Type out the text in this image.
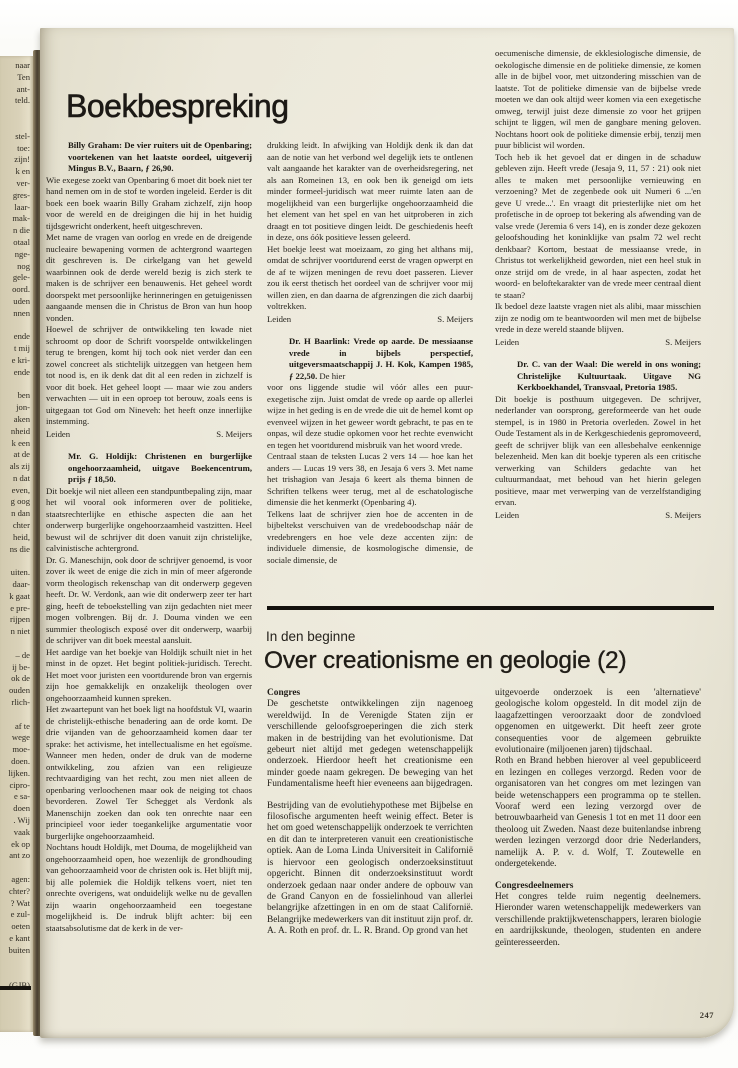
naar
Ten
ant-
teld.

stel-
toe:
zijn!
k en
ver-
gres-
laar-
mak-
n die
otaal
nge-
nog
gele-
oord.
uden
nnen

ende
t mij
e kri-
ende

ben
jon-
aken
nheid
k een
at de
als zij
n dat
even,
g oog
n dan
chter
heid,
ns die

uiten.
daar-
k gaat
e pre-
rijpen
n niet

– de
ij be-
ok de
ouden
rlich-

af te
wege
moe-
doen.
lijken.
cipro-
e sa-
doen
. Wij
vaak
ek op
ant zo

agen:
chter?
? Wat
e zul-
oeten
e kant
buiten

Boekbespreking
Billy Graham: De vier ruiters uit de Openbaring; voortekenen van het laatste oordeel, uitgeverij Mingus B.V., Baarn, ƒ 26,90.

Wie exegese zoekt van Openbaring 6 moet dit boek niet ter hand nemen om in de stof te worden ingeleid. Eerder is dit boek een boek waarin Billy Graham zichzelf, zijn hoop voor de wereld en de dreigingen die hij in het huidig tijdsgewricht onderkent, heeft uitgeschreven.

Met name de vragen van oorlog en vrede en de dreigende nucleaire bewapening vormen de achtergrond waartegen dit geschreven is. De cirkelgang van het geweld waarbinnen ook de derde wereld bezig is zich sterk te maken is de schrijver een benauwenis. Het geheel wordt doorspekt met persoonlijke herinneringen en getuigenissen aangaande mensen die in Christus de Bron van hun hoop vonden.

Hoewel de schrijver de ontwikkeling ten kwade niet schroomt op door de Schrift voorspelde ontwikkelingen terug te brengen, komt hij toch ook niet verder dan een zowel concreet als stichtelijk uitzeggen van hetgeen hem tot nood is, en ik denk dat dit al een reden in zichzelf is voor dit boek. Het geheel loopt — maar wie zou anders verwachten — uit in een oproep tot berouw, zoals eens is uitgegaan tot God om Nineveh: het heeft onze innerlijke instemming.

Leiden	S. Meijers
Mr. G. Holdijk: Christenen en burgerlijke ongehoorzaamheid, uitgave Boekencentrum, prijs ƒ 18,50.

Dit boekje wil niet alleen een standpuntbepaling zijn, maar het wil vooral ook informeren over de politieke, staatsrechterlijke en ethische aspecten die aan het onderwerp burgerlijke ongehoorzaamheid vastzitten. Heel bewust wil de schrijver dit doen vanuit zijn christelijke, calvinistische achtergrond.

Dr. G. Maneschijn, ook door de schrijver genoemd, is voor zover ik weet de enige die zich in min of meer afgeronde vorm theologisch rekenschap van dit onderwerp gegeven heeft. Dr. W. Verdonk, aan wie dit onderwerp zeer ter hart ging, heeft de teboekstelling van zijn gedachten niet meer mogen volbrengen. Bij dr. J. Douma vinden we een summier theologisch exposé over dit onderwerp, waarbij de schrijver van dit boek meestal aansluit.

Het aardige van het boekje van Holdijk schuilt niet in het minst in de opzet. Het begint politiek-juridisch. Terecht. Het moet voor juristen een voortdurende bron van ergernis zijn hoe gemakkelijk en onzakelijk theologen over ongehoorzaamheid kunnen spreken.

Het zwaartepunt van het boek ligt na hoofdstuk VI, waarin de christelijk-ethische benadering aan de orde komt. De drie vijanden van de gehoorzaamheid komen daar ter sprake: het activisme, het intellectualisme en het egoïsme. Wanneer men heden, onder de druk van de moderne ontwikkeling, zou afzien van een religieuze rechtvaardiging van het recht, zou men niet alleen de openbaring verloochenen maar ook de neiging tot chaos bevorderen. Zowel Ter Schegget als Verdonk als Manenschijn zoeken dan ook ten onrechte naar een principieel voor ieder toegankelijke argumentatie voor burgerlijke ongehoorzaamheid.

Nochtans houdt Holdijk, met Douma, de mogelijkheid van ongehoorzaamheid open, hoe wezenlijk de grondhouding van gehoorzaamheid voor de christen ook is. Het blijft mij, bij alle polemiek die Holdijk telkens voert, niet ten onrechte overigens, wat onduidelijk welke nu de gevallen zijn waarin ongehoorzaamheid een toegestane mogelijkheid is. De indruk blijft achter: bij een staatsabsolutisme dat de kerk in de ver-

drukking leidt. In afwijking van Holdijk denk ik dan dat aan de notie van het verbond wel degelijk iets te ontlenen valt aangaande het karakter van de overheidsregering, net als aan Romeinen 13, en ook ben ik geneigd om iets minder formeel-juridisch wat meer ruimte laten aan de mogelijkheid van een burgerlijke ongehoorzaamheid die het element van het spel en van het uitproberen in zich draagt en tot positieve dingen leidt. De geschiedenis heeft in deze, ons óók positieve lessen geleerd.

Het boekje leest wat moeizaam, zo ging het althans mij, omdat de schrijver voortdurend eerst de vragen opwerpt en de af te wijzen meningen de revu doet passeren. Liever zou ik eerst thetisch het oordeel van de schrijver voor mij willen zien, en dan daarna de afgrenzingen die zich daarbij voltrekken.

Leiden	S. Meijers
Dr. H Baarlink: Vrede op aarde. De messiaanse vrede in bijbels perspectief, uitgeversmaatschappij J. H. Kok, Kampen 1985, ƒ 22,50. De hier

voor ons liggende studie wil vóór alles een puur-exegetische zijn. Juist omdat de vrede op aarde op allerlei wijze in het geding is en de vrede die uit de hemel komt op evenveel wijzen in het geweer wordt gebracht, te pas en te onpas, wil deze studie opkomen voor het rechte evenwicht en tegen het voortdurend misbruik van het woord vrede.

Centraal staan de teksten Lucas 2 vers 14 — hoe kan het anders — Lucas 19 vers 38, en Jesaja 6 vers 3. Met name het trishagion van Jesaja 6 keert als thema binnen de Schriften telkens weer terug, met al de eschatologische dimensie die het kenmerkt (Openbaring 4).

Telkens laat de schrijver zien hoe de accenten in de bijbeltekst verschuiven van de vredeboodschap náár de vredebrengers en hoe vele deze accenten zijn: de individuele dimensie, de kosmologische dimensie, de sociale dimensie, de

oecumenische dimensie, de ekklesiologische dimensie, de oekologische dimensie en de politieke dimensie, ze komen alle in de bijbel voor, met uitzondering misschien van de laatste. Tot de politieke dimensie van de bijbelse vrede moeten we dan ook altijd weer komen via een exegetische omweg, terwijl juist deze dimensie zo voor het grijpen schijnt te liggen, wil men de gangbare mening geloven. Nochtans hoort ook de politieke dimensie erbij, tenzij men puur biblicist wil worden.

Toch heb ik het gevoel dat er dingen in de schaduw gebleven zijn. Heeft vrede (Jesaja 9, 11, 57 : 21) ook niet alles te maken met persoonlijke vernieuwing en verzoening? Met de zegenbede ook uit Numeri 6 ...'en geve U vrede...'. En vraagt dit priesterlijke niet om het profetische in de oproep tot bekering als afwending van de valse vrede (Jeremia 6 vers 14), en is zonder deze gekozen geloofshouding het koninklijke van psalm 72 wel recht denkbaar? Kortom, bestaat de messiaanse vrede, in Christus tot werkelijkheid geworden, niet een heel stuk in onze strijd om de vrede, in al haar aspecten, zodat het woord- en beloftekarakter van de vrede meer centraal dient te staan?

Ik bedoel deze laatste vragen niet als alibi, maar misschien zijn ze nodig om te beantwoorden wil men met de bijbelse vrede in deze wereld staande blijven.

Leiden	S. Meijers
Dr. C. van der Waal: Die wereld in ons woning; Christelijke Kultuurtaak. Uitgave NG Kerkboekhandel, Transvaal, Pretoria 1985.

Dit boekje is posthuum uitgegeven. De schrijver, nederlander van oorsprong, gereformeerde van het oude stempel, is in 1980 in Pretoria overleden. Zowel in het Oude Testament als in de Kerkgeschiedenis gepromoveerd, geeft de schrijver blijk van een allesbehalve eenkennige belezenheid. Men kan dit boekje typeren als een critische verwerking van Schilders gedachte van het cultuurmandaat, met behoud van het hierin gelegen positieve, maar met verwerping van de verzelfstandiging ervan.

Leiden	S. Meijers
In den beginne
Over creationisme en geologie (2)
Congres

De geschetste ontwikkelingen zijn nagenoeg wereldwijd. In de Verenigde Staten zijn er verschillende geloofsgroeperingen die zich sterk maken in de bestrijding van het evolutionisme. Dat gebeurt niet altijd met gedegen wetenschappelijk onderzoek. Hierdoor heeft het creationisme een minder goede naam gekregen. De beweging van het Fundamentalisme heeft hier eveneens aan bijgedragen.

Bestrijding van de evolutiehypothese met Bijbelse en filosofische argumenten heeft weinig effect. Beter is het om goed wetenschappelijk onderzoek te verrichten en dit dan te interpreteren vanuit een creationistische optiek. Aan de Loma Linda Universiteit in Californië is hiervoor een geologisch onderzoeksinstituut opgericht. Binnen dit onderzoeksinstituut wordt onderzoek gedaan naar onder andere de opbouw van de Grand Canyon en de fossielinhoud van allerlei belangrijke afzettingen in en om de staat Californië. Belangrijke medewerkers van dit instituut zijn prof. dr. A. A. Roth en prof. dr. L. R. Brand. Op grond van het

uitgevoerde onderzoek is een 'alternatieve' geologische kolom opgesteld. In dit model zijn de laagafzettingen veroorzaakt door de zondvloed opgenomen en uitgewerkt. Dit heeft zeer grote consequenties voor de algemeen gebruikte evolutionaire (miljoenen jaren) tijdschaal.

Roth en Brand hebben hierover al veel gepubliceerd en lezingen en colleges verzorgd. Reden voor de organisatoren van het congres om met lezingen van beide wetenschappers een programma op te stellen. Vooraf werd een lezing verzorgd over de betrouwbaarheid van Genesis 1 tot en met 11 door een theoloog uit Zweden. Naast deze buitenlandse inbreng werden lezingen verzorgd door drie Nederlanders, namelijk A. P. v. d. Wolf, T. Zoutewelle en ondergetekende.

Congresdeelnemers

Het congres telde ruim negentig deelnemers. Hieronder waren wetenschappelijk medewerkers van verschillende praktijkwetenschappers, leraren biologie en aardrijkskunde, theologen, studenten en andere geïnteresseerden.

247
